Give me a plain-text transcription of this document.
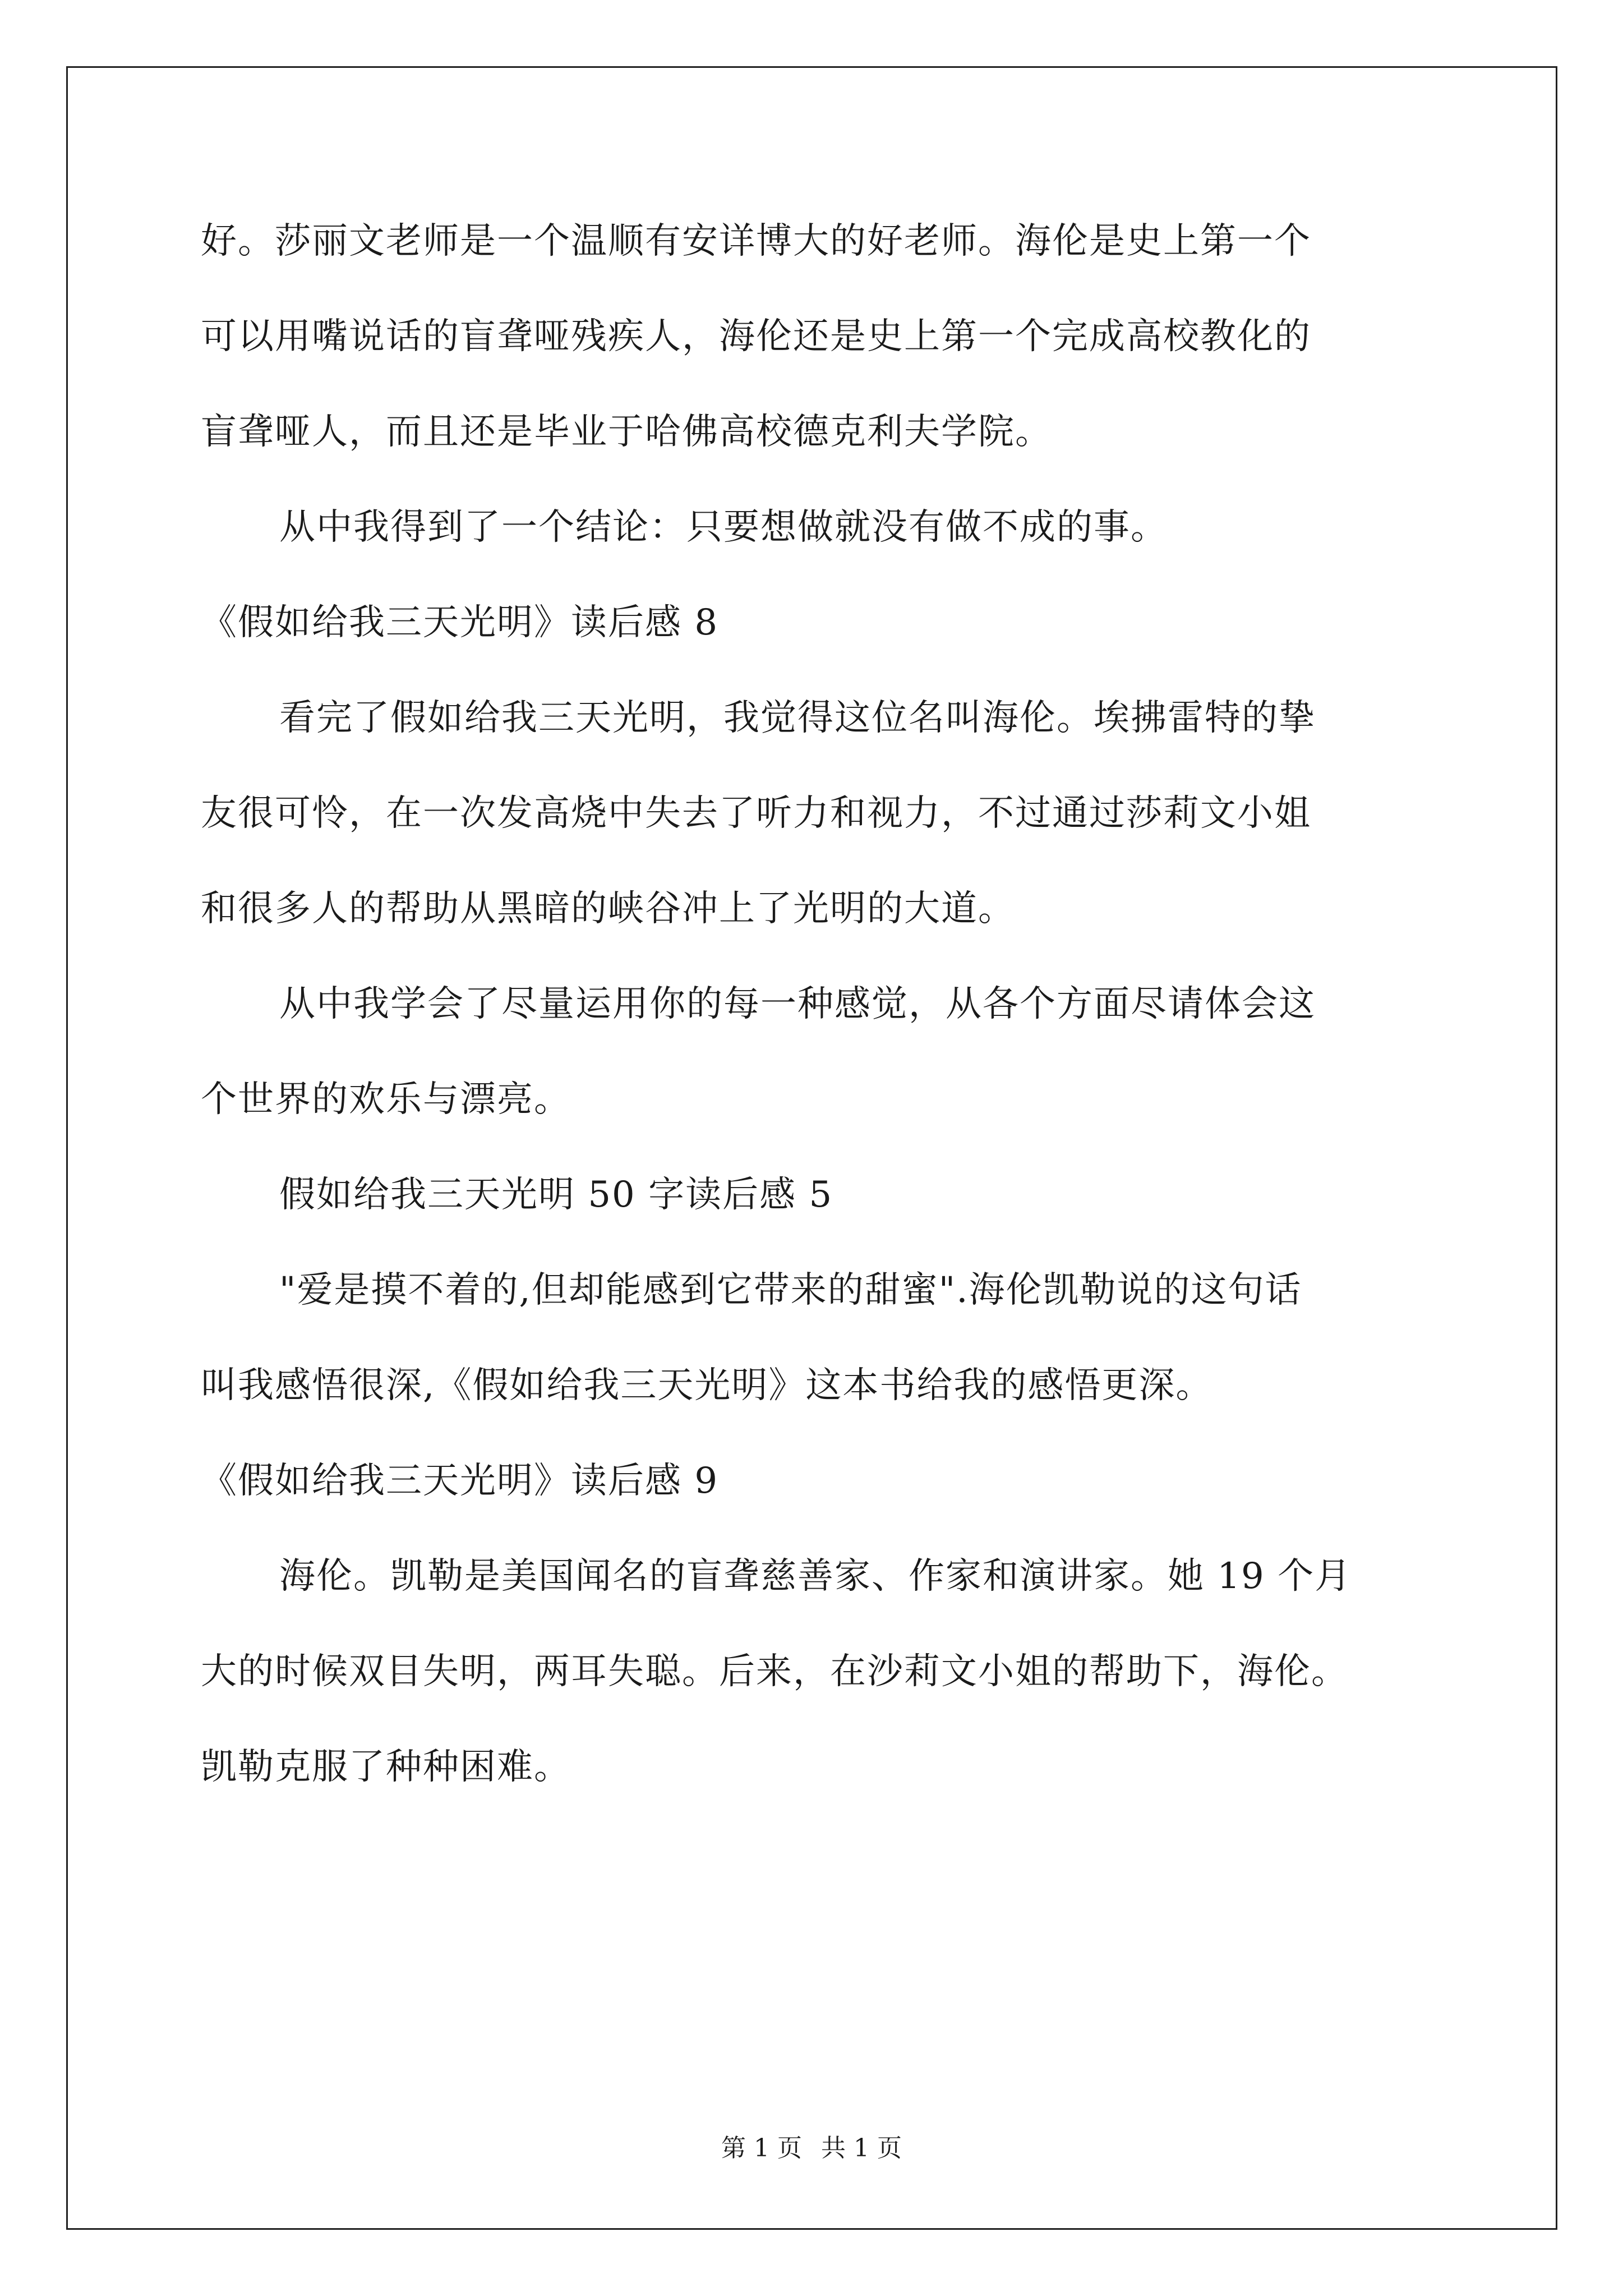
好。莎丽文老师是一个温顺有安详博大的好老师。海伦是史上第一个
可以用嘴说话的盲聋哑残疾人，海伦还是史上第一个完成高校教化的
盲聋哑人，而且还是毕业于哈佛高校德克利夫学院。
从中我得到了一个结论：只要想做就没有做不成的事。
《假如给我三天光明》读后感 8
看完了假如给我三天光明，我觉得这位名叫海伦。埃拂雷特的挚
友很可怜，在一次发高烧中失去了听力和视力，不过通过莎莉文小姐
和很多人的帮助从黑暗的峡谷冲上了光明的大道。
从中我学会了尽量运用你的每一种感觉，从各个方面尽请体会这
个世界的欢乐与漂亮。
假如给我三天光明 50 字读后感 5
"爱是摸不着的,但却能感到它带来的甜蜜".海伦凯勒说的这句话
叫我感悟很深,《假如给我三天光明》这本书给我的感悟更深。
《假如给我三天光明》读后感 9
海伦。凯勒是美国闻名的盲聋慈善家、作家和演讲家。她 19 个月
大的时候双目失明，两耳失聪。后来，在沙莉文小姐的帮助下，海伦。
凯勒克服了种种困难。
第 1 页 共 1 页
